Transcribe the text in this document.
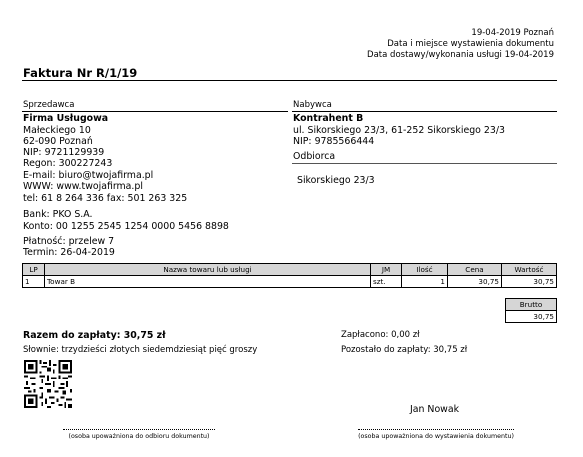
19-04-2019 Poznań
Data i miejsce wystawienia dokumentu
Data dostawy/wykonania usługi 19-04-2019
Faktura Nr R/1/19
Sprzedawca
Firma Usługowa
Małeckiego 10
62-090 Poznań
NIP: 9721129939
Regon: 300227243
E-mail: biuro@twojafirma.pl
WWW: www.twojafirma.pl
tel: 61 8 264 336 fax: 501 263 325
Bank: PKO S.A.
Konto: 00 1255 2545 1254 0000 5456 8898
Płatność: przelew 7
Termin: 26-04-2019
Nabywca
Kontrahent B
ul. Sikorskiego 23/3, 61-252 Sikorskiego 23/3
NIP: 9785566444
Odbiorca
Sikorskiego 23/3
LP	Nazwa towaru lub usługi	JM	Ilość	Cena	Wartość
1	Towar B	szt.	1	30,75	30,75
Brutto
30,75
Razem do zapłaty: 30,75 zł
Słownie: trzydzieści złotych siedemdziesiąt pięć groszy
Zapłacono: 0,00 zł
Pozostało do zapłaty: 30,75 zł
Jan Nowak
(osoba upoważniona do odbioru dokumentu)	(osoba upoważniona do wystawienia dokumentu)
